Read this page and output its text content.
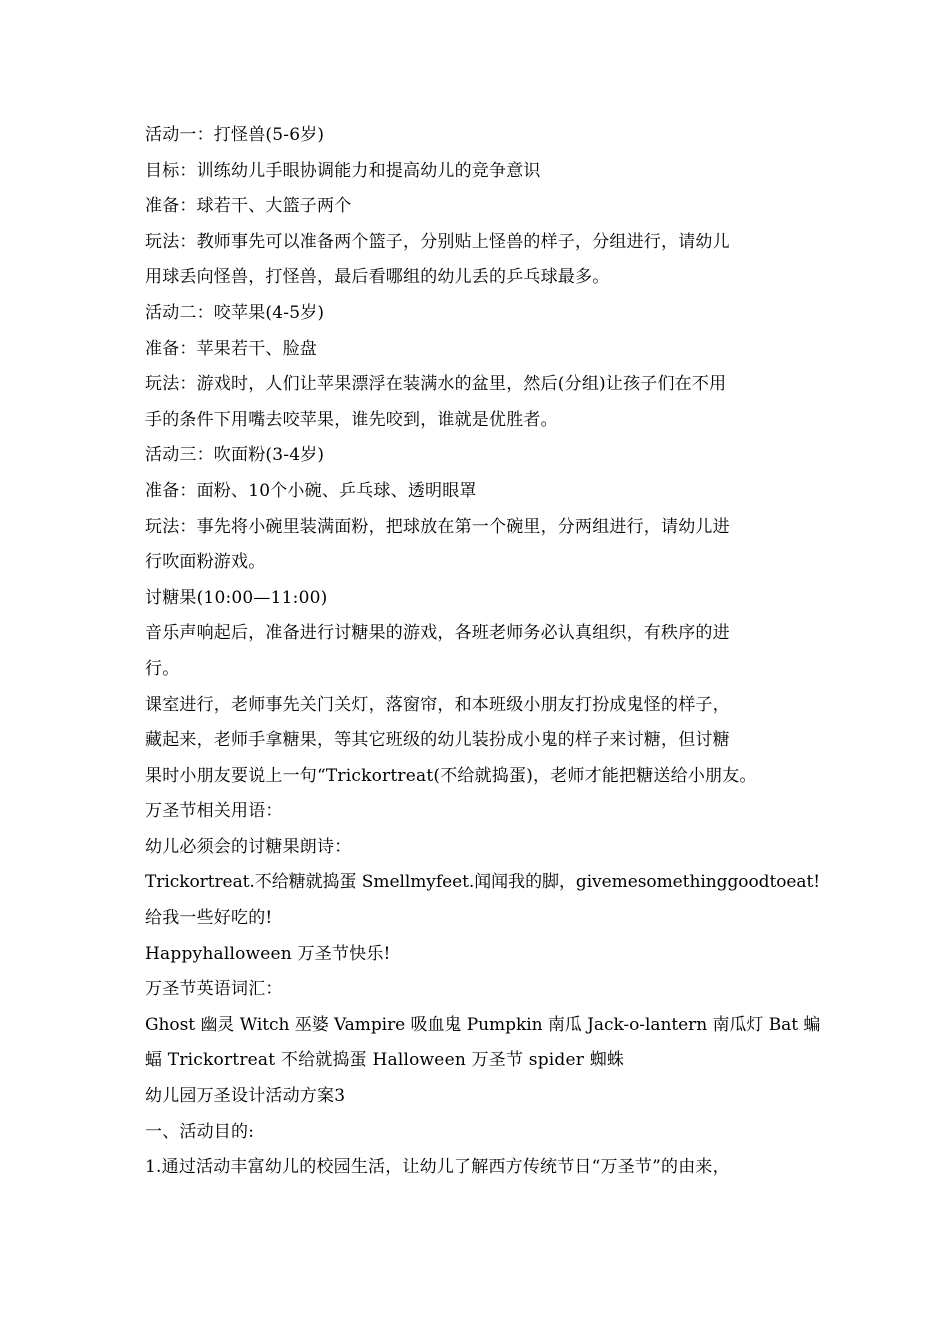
活动一：打怪兽(5-6岁)
目标：训练幼儿手眼协调能力和提高幼儿的竞争意识
准备：球若干、大篮子两个
玩法：教师事先可以准备两个篮子，分别贴上怪兽的样子，分组进行，请幼儿
用球丢向怪兽，打怪兽，最后看哪组的幼儿丢的乒乓球最多。
活动二：咬苹果(4-5岁)
准备：苹果若干、脸盘
玩法：游戏时，人们让苹果漂浮在装满水的盆里，然后(分组)让孩子们在不用
手的条件下用嘴去咬苹果，谁先咬到，谁就是优胜者。
活动三：吹面粉(3-4岁)
准备：面粉、10个小碗、乒乓球、透明眼罩
玩法：事先将小碗里装满面粉，把球放在第一个碗里，分两组进行，请幼儿进
行吹面粉游戏。
讨糖果(10:00—11:00)
音乐声响起后，准备进行讨糖果的游戏，各班老师务必认真组织，有秩序的进
行。
课室进行，老师事先关门关灯，落窗帘，和本班级小朋友打扮成鬼怪的样子，
藏起来，老师手拿糖果，等其它班级的幼儿装扮成小鬼的样子来讨糖，但讨糖
果时小朋友要说上一句“Trickortreat(不给就捣蛋)，老师才能把糖送给小朋友。
万圣节相关用语：
幼儿必须会的讨糖果朗诗：
Trickortreat.不给糖就捣蛋 Smellmyfeet.闻闻我的脚，givemesomethinggoodtoeat!
给我一些好吃的!
Happyhalloween 万圣节快乐!
万圣节英语词汇：
Ghost 幽灵 Witch 巫婆 Vampire 吸血鬼 Pumpkin 南瓜 Jack-o-lantern 南瓜灯 Bat 蝙
蝠 Trickortreat 不给就捣蛋 Halloween 万圣节 spider 蜘蛛
幼儿园万圣设计活动方案3
一、活动目的:
1.通过活动丰富幼儿的校园生活，让幼儿了解西方传统节日“万圣节”的由来，
